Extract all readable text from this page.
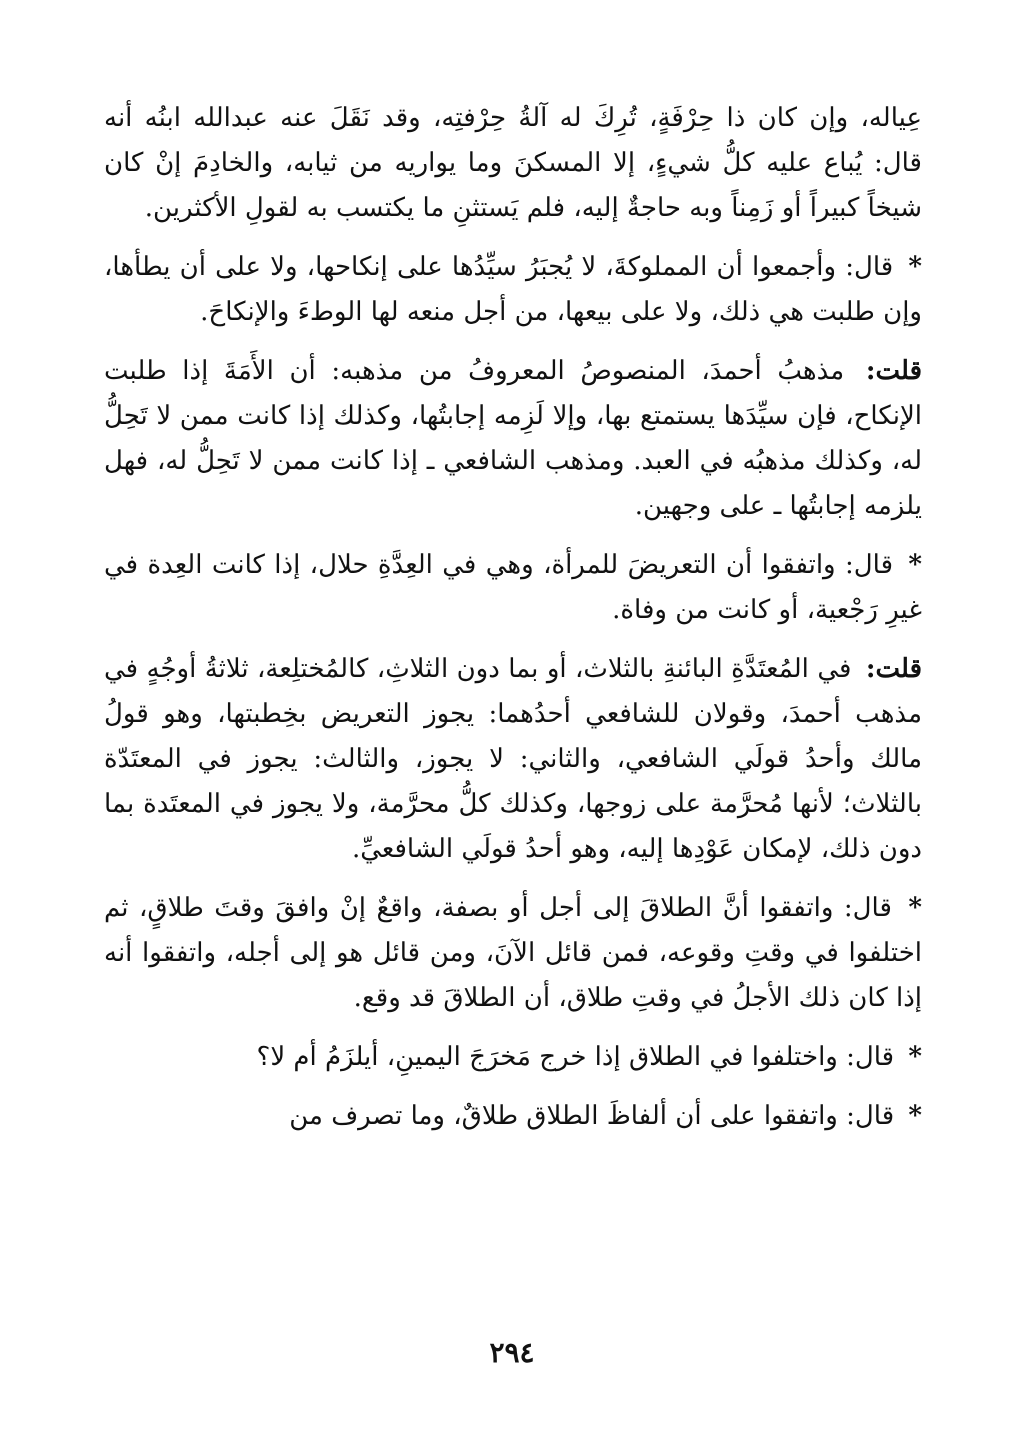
عِياله، وإن كان ذا حِرْفَةٍ، تُرِكَ له آلةُ حِرْفتِه، وقد نَقَلَ عنه عبدالله ابنُه أنه قال: يُباع عليه كلُّ شيءٍ، إلا المسكنَ وما يواريه من ثيابه، والخادِمَ إنْ كان شيخاً كبيراً أو زَمِناً وبه حاجةٌ إليه، فلم يَستثنِ ما يكتسب به لقولِ الأكثرين.

* قال: وأجمعوا أن المملوكةَ، لا يُجبَرُ سيِّدُها على إنكاحها، ولا على أن يطأها، وإن طلبت هي ذلك، ولا على بيعها، من أجل منعه لها الوطءَ والإنكاحَ.

قلت: مذهبُ أحمدَ، المنصوصُ المعروفُ من مذهبه: أن الأَمَةَ إذا طلبت الإنكاح، فإن سيِّدَها يستمتع بها، وإلا لَزِمه إجابتُها، وكذلك إذا كانت ممن لا تَحِلُّ له، وكذلك مذهبُه في العبد. ومذهب الشافعي ـ إذا كانت ممن لا تَحِلُّ له، فهل يلزمه إجابتُها ـ على وجهين.

* قال: واتفقوا أن التعريضَ للمرأة، وهي في العِدَّةِ حلال، إذا كانت العِدة في غيرِ رَجْعية، أو كانت من وفاة.

قلت: في المُعتَدَّةِ البائنةِ بالثلاث، أو بما دون الثلاثِ، كالمُختلِعة، ثلاثةُ أوجُهٍ في مذهب أحمدَ، وقولان للشافعي أحدُهما: يجوز التعريض بخِطبتها، وهو قولُ مالك وأحدُ قولَي الشافعي، والثاني: لا يجوز، والثالث: يجوز في المعتَدّة بالثلاث؛ لأنها مُحرَّمة على زوجها، وكذلك كلُّ محرَّمة، ولا يجوز في المعتَدة بما دون ذلك، لإمكان عَوْدِها إليه، وهو أحدُ قولَي الشافعيِّ.

* قال: واتفقوا أنَّ الطلاقَ إلى أجل أو بصفة، واقعٌ إنْ وافقَ وقتَ طلاقٍ، ثم اختلفوا في وقتِ وقوعه، فمن قائل الآنَ، ومن قائل هو إلى أجله، واتفقوا أنه إذا كان ذلك الأجلُ في وقتِ طلاق، أن الطلاقَ قد وقع.

* قال: واختلفوا في الطلاق إذا خرج مَخرَجَ اليمينِ، أيلزَمُ أم لا؟

* قال: واتفقوا على أن ألفاظَ الطلاق طلاقٌ، وما تصرف من

٢٩٤
